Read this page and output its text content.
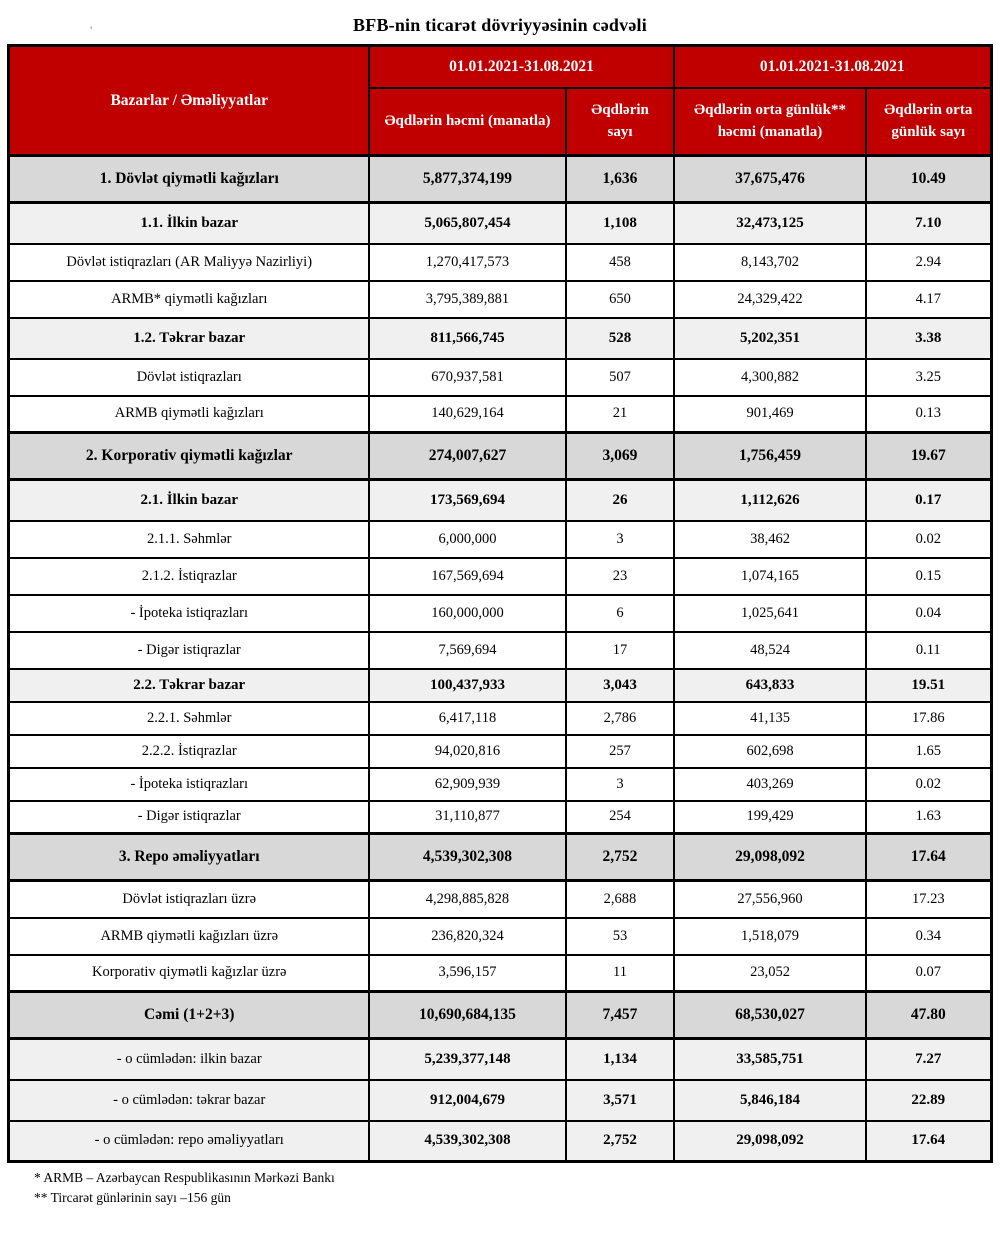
'	BFB-nin ticarət dövriyyəsinin cədvəli
Bazarlar / Əməliyyatlar	01.01.2021-31.08.2021		01.01.2021-31.08.2021	
	Əqdlərin həcmi (manatla)	Əqdlərin sayı	Əqdlərin orta günlük** həcmi (manatla)	Əqdlərin orta günlük sayı
1. Dövlət qiymətli kağızları	5,877,374,199	1,636	37,675,476	10.49
1.1. İlkin bazar	5,065,807,454	1,108	32,473,125	7.10
Dövlət istiqrazları (AR Maliyyə Nazirliyi)	1,270,417,573	458	8,143,702	2.94
ARMB* qiymətli kağızları	3,795,389,881	650	24,329,422	4.17
1.2. Təkrar bazar	811,566,745	528	5,202,351	3.38
Dövlət istiqrazları	670,937,581	507	4,300,882	3.25
ARMB qiymətli kağızları	140,629,164	21	901,469	0.13
2. Korporativ qiymətli kağızlar	274,007,627	3,069	1,756,459	19.67
2.1. İlkin bazar	173,569,694	26	1,112,626	0.17
2.1.1. Səhmlər	6,000,000	3	38,462	0.02
2.1.2. İstiqrazlar	167,569,694	23	1,074,165	0.15
- İpoteka istiqrazları	160,000,000	6	1,025,641	0.04
- Digər istiqrazlar	7,569,694	17	48,524	0.11
2.2. Təkrar bazar	100,437,933	3,043	643,833	19.51
2.2.1. Səhmlər	6,417,118	2,786	41,135	17.86
2.2.2. İstiqrazlar	94,020,816	257	602,698	1.65
- İpoteka istiqrazları	62,909,939	3	403,269	0.02
- Digər istiqrazlar	31,110,877	254	199,429	1.63
3. Repo əməliyyatları	4,539,302,308	2,752	29,098,092	17.64
Dövlət istiqrazları üzrə	4,298,885,828	2,688	27,556,960	17.23
ARMB qiymətli kağızları üzrə	236,820,324	53	1,518,079	0.34
Korporativ qiymətli kağızlar üzrə	3,596,157	11	23,052	0.07
Cəmi (1+2+3)	10,690,684,135	7,457	68,530,027	47.80
- o cümlədən: ilkin bazar	5,239,377,148	1,134	33,585,751	7.27
- o cümlədən: təkrar bazar	912,004,679	3,571	5,846,184	22.89
- o cümlədən: repo əməliyyatları	4,539,302,308	2,752	29,098,092	17.64
* ARMB – Azərbaycan Respublikasının Mərkəzi Bankı
** Tircarət günlərinin sayı –156 gün
